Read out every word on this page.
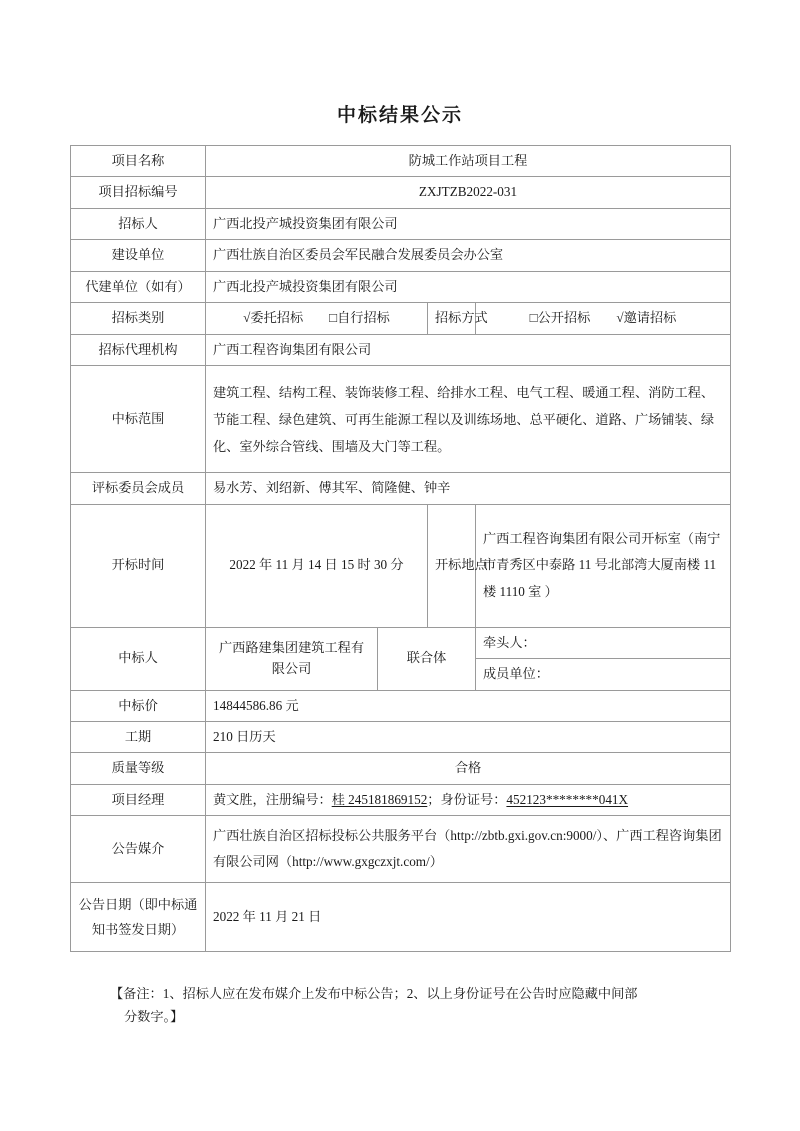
中标结果公示
项目名称	防城工作站项目工程			
项目招标编号	ZXJTZB2022-031			
招标人	广西北投产城投资集团有限公司			
建设单位	广西壮族自治区委员会军民融合发展委员会办公室			
代建单位（如有）	广西北投产城投资集团有限公司			
招标类别	√委托招标 □自行招标		招标方式	□公开招标 √邀请招标

招标代理机构	广西工程咨询集团有限公司			
中标范围	建筑工程、结构工程、装饰装修工程、给排水工程、电气工程、暖通工程、消防工程、节能工程、绿色建筑、可再生能源工程以及训练场地、总平硬化、道路、广场铺装、绿化、室外综合管线、围墙及大门等工程。			
评标委员会成员	易水芳、刘绍新、傅其军、简隆健、钟辛			
开标时间	2022 年 11 月 14 日 15 时 30 分		开标地点	广西工程咨询集团有限公司开标室（南宁市青秀区中泰路 11 号北部湾大厦南楼 11 楼 1110 室 ）
中标人	广西路建集团建筑工程有限公司	联合体		牵头人：
				成员单位：
中标价	14844586.86 元			
工期	210 日历天			
质量等级	合格			
项目经理	黄文胜，注册编号：桂 245181869152；身份证号：452123********041X			
公告媒介	广西壮族自治区招标投标公共服务平台（http://zbtb.gxi.gov.cn:9000/）、广西工程咨询集团有限公司网（http://www.gxgczxjt.com/）			
公告日期（即中标通知书签发日期）	2022 年 11 月 21 日			
【备注：1、招标人应在发布媒介上发布中标公告；2、以上身份证号在公告时应隐藏中间部
分数字。】
